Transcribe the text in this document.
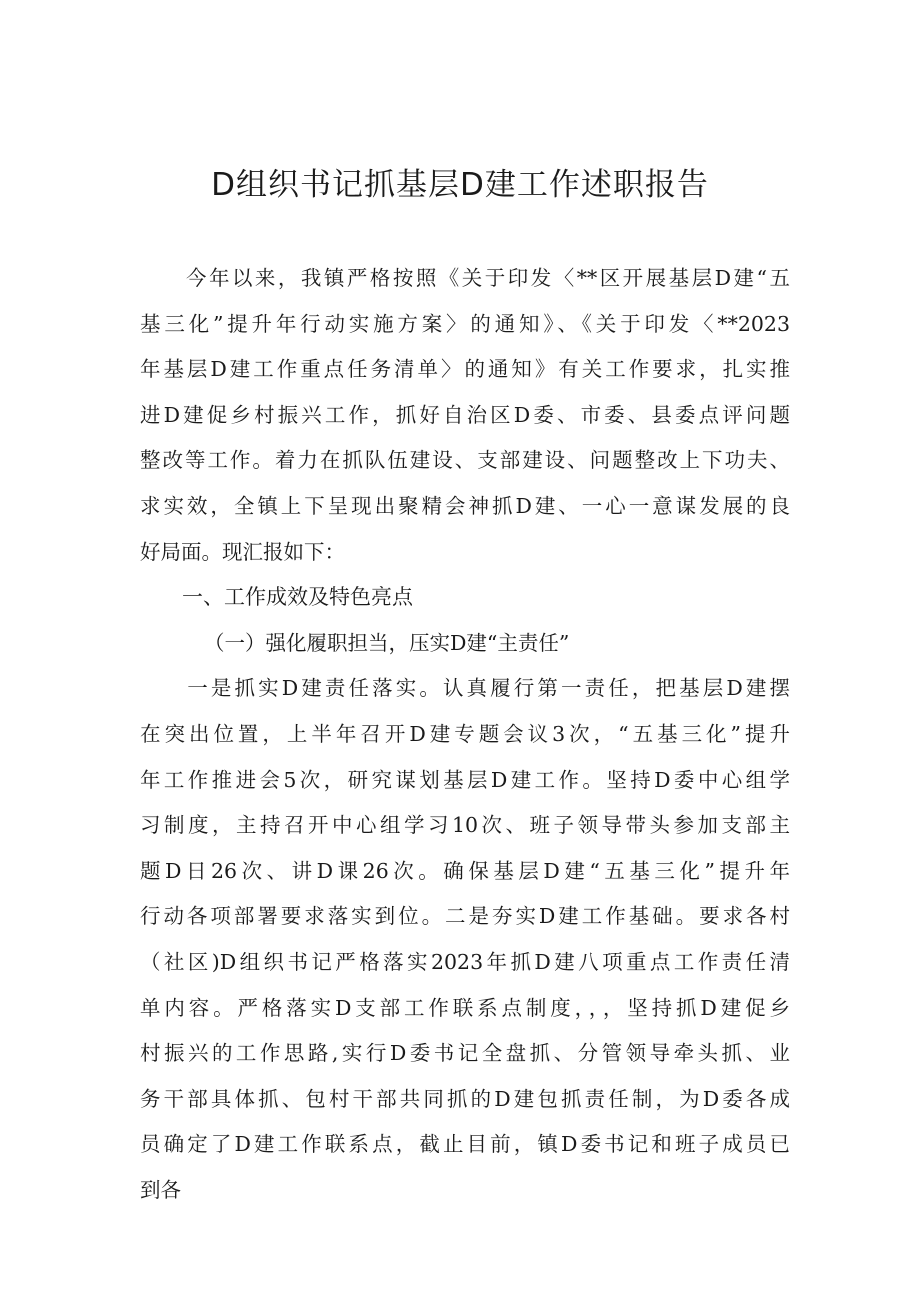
D组织书记抓基层D建工作述职报告
　　今年以来，我镇严格按照《关于印发〈**区开展基层D建“五
基三化”提升年行动实施方案〉的通知》、《关于印发〈**2023
年基层D建工作重点任务清单〉的通知》有关工作要求，扎实推
进D建促乡村振兴工作，抓好自治区D委、市委、县委点评问题
整改等工作。着力在抓队伍建设、支部建设、问题整改上下功夫、
求实效，全镇上下呈现出聚精会神抓D建、一心一意谋发展的良
好局面。现汇报如下：
一、工作成效及特色亮点
（一）强化履职担当，压实D建“主责任”
　　一是抓实D建责任落实。认真履行第一责任，把基层D建摆
在突出位置，上半年召开D建专题会议3次，“五基三化”提升
年工作推进会5次，研究谋划基层D建工作。坚持D委中心组学
习制度，主持召开中心组学习10次、班子领导带头参加支部主
题D日26次、讲D课26次。确保基层D建“五基三化”提升年
行动各项部署要求落实到位。二是夯实D建工作基础。要求各村
（社区)D组织书记严格落实2023年抓D建八项重点工作责任清
单内容。严格落实D支部工作联系点制度，，，坚持抓D建促乡
村振兴的工作思路,实行D委书记全盘抓、分管领导牵头抓、业
务干部具体抓、包村干部共同抓的D建包抓责任制，为D委各成
员确定了D建工作联系点，截止目前，镇D委书记和班子成员已
到各
